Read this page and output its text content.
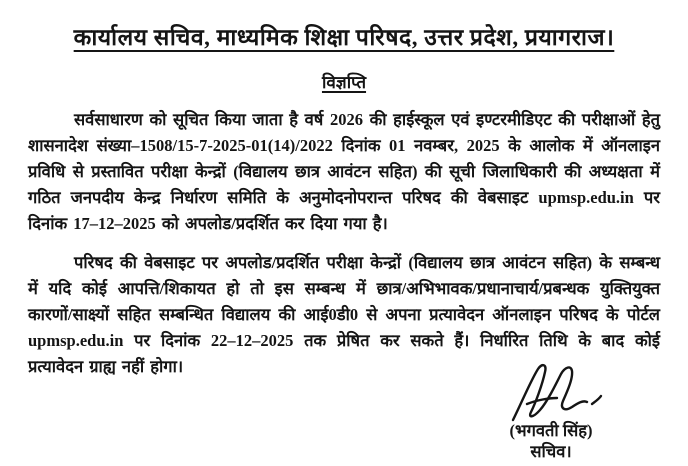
कार्यालय सचिव, माध्यमिक शिक्षा परिषद, उत्तर प्रदेश, प्रयागराज।
विज्ञप्ति

सर्वसाधारण को सूचित किया जाता है वर्ष 2026 की हाईस्कूल एवं इण्टरमीडिएट की परीक्षाओं हेतु शासनादेश संख्या–1508/15-7-2025-01(14)/2022 दिनांक 01 नवम्बर, 2025 के आलोक में ऑनलाइन प्रविधि से प्रस्तावित परीक्षा केन्द्रों (विद्यालय छात्र आवंटन सहित) की सूची जिलाधिकारी की अध्यक्षता में गठित जनपदीय केन्द्र निर्धारण समिति के अनुमोदनोपरान्त परिषद की वेबसाइट upmsp.edu.in पर दिनांक 17–12–2025 को अपलोड/प्रदर्शित कर दिया गया है।

परिषद की वेबसाइट पर अपलोड/प्रदर्शित परीक्षा केन्द्रों (विद्यालय छात्र आवंटन सहित) के सम्बन्ध में यदि कोई आपत्ति/शिकायत हो तो इस सम्बन्ध में छात्र/अभिभावक/प्रधानाचार्य/प्रबन्धक युक्तियुक्त कारणों/साक्ष्यों सहित सम्बन्धित विद्यालय की आई0डी0 से अपना प्रत्यावेदन ऑनलाइन परिषद के पोर्टल upmsp.edu.in पर दिनांक 22–12–2025 तक प्रेषित कर सकते हैं। निर्धारित तिथि के बाद कोई प्रत्यावेदन ग्राह्य नहीं होगा।

(भगवती सिंह)
सचिव।
